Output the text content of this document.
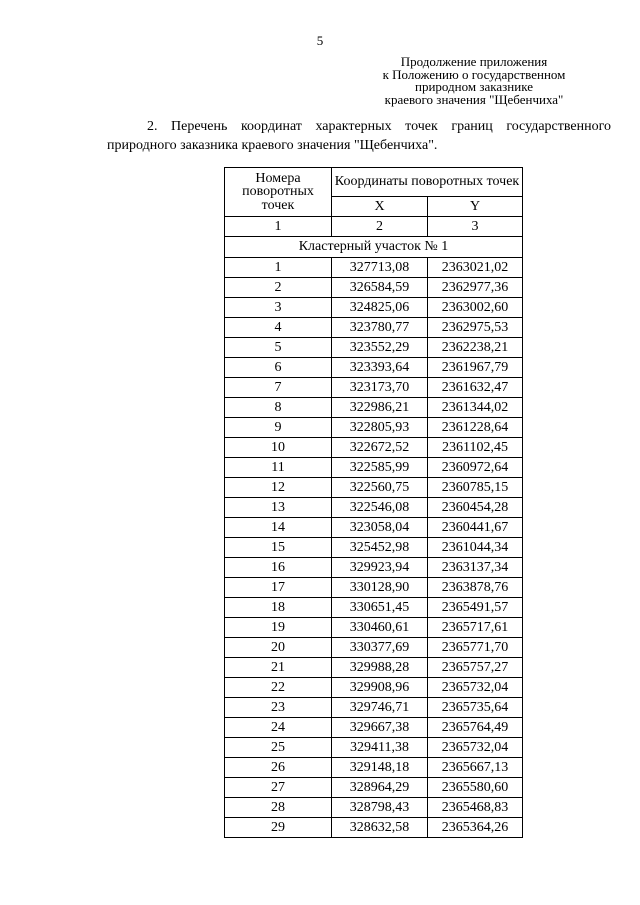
5
Продолжение приложения
к Положению о государственном
природном заказнике
краевого значения "Щебенчиха"
2. Перечень координат характерных точек границ государственного
природного заказника краевого значения "Щебенчиха".
Номера поворотных точек	Координаты поворотных точек	
	X	Y
1	2	3
Кластерный участок № 1		
1	327713,08	2363021,02
2	326584,59	2362977,36
3	324825,06	2363002,60
4	323780,77	2362975,53
5	323552,29	2362238,21
6	323393,64	2361967,79
7	323173,70	2361632,47
8	322986,21	2361344,02
9	322805,93	2361228,64
10	322672,52	2361102,45
11	322585,99	2360972,64
12	322560,75	2360785,15
13	322546,08	2360454,28
14	323058,04	2360441,67
15	325452,98	2361044,34
16	329923,94	2363137,34
17	330128,90	2363878,76
18	330651,45	2365491,57
19	330460,61	2365717,61
20	330377,69	2365771,70
21	329988,28	2365757,27
22	329908,96	2365732,04
23	329746,71	2365735,64
24	329667,38	2365764,49
25	329411,38	2365732,04
26	329148,18	2365667,13
27	328964,29	2365580,60
28	328798,43	2365468,83
29	328632,58	2365364,26
